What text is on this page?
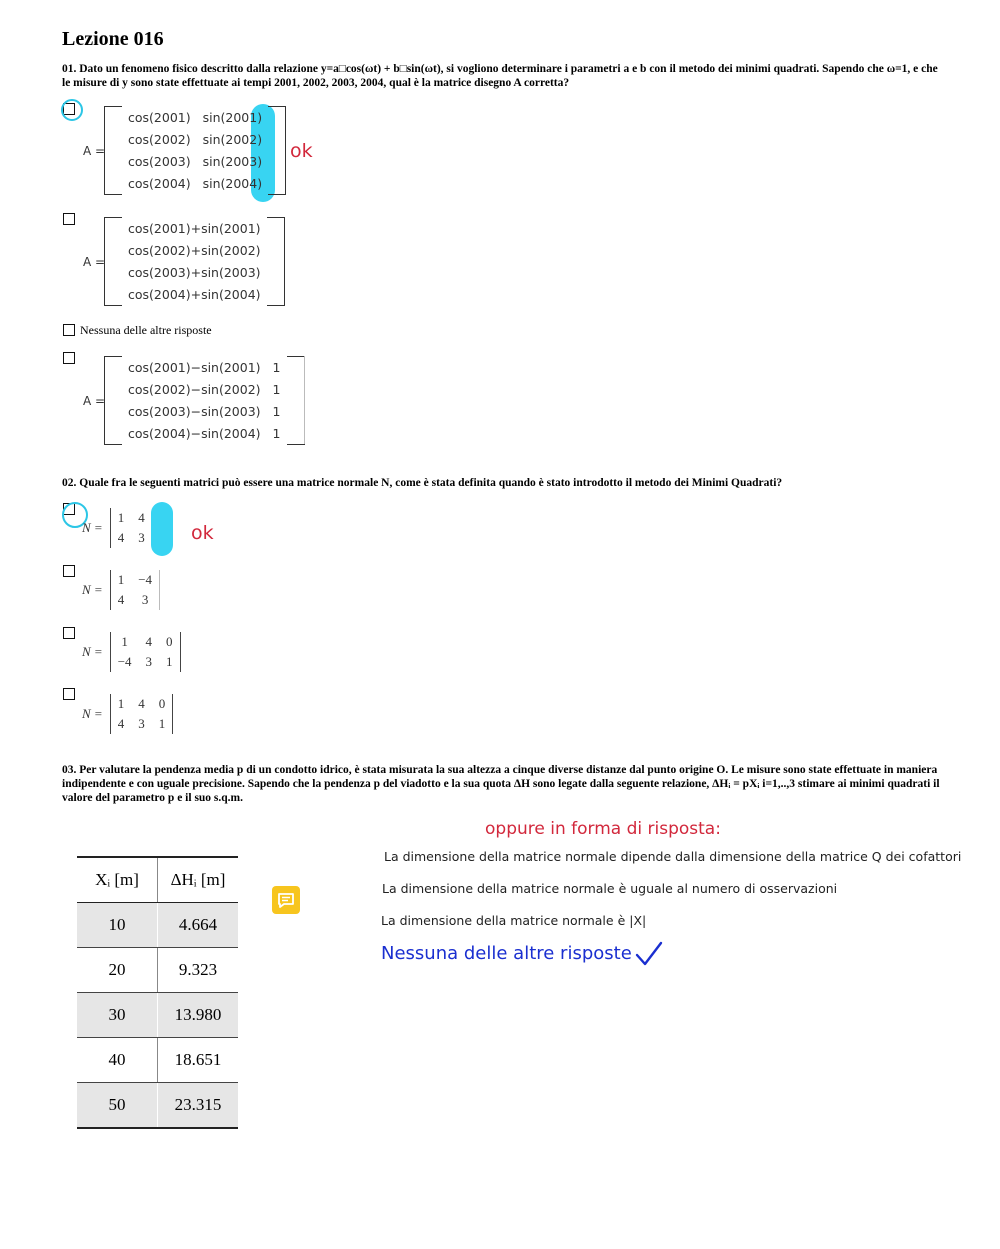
Lezione 016
01. Dato un fenomeno fisico descritto dalla relazione y=a□cos(ωt) + b□sin(ωt), si vogliono determinare i parametri a e b con il metodo dei minimi quadrati. Sapendo che ω=1, e che le misure di y sono state effettuate ai tempi 2001, 2002, 2003, 2004, qual è la matrice disegno A corretta?
A =
	cos(2001)	sin(2001)	
	cos(2002)	sin(2002)	
	cos(2003)	sin(2003)	
	cos(2004)	sin(2004)	
ok
A =
	cos(2001)+sin(2001)	
cos(2002)+sin(2002)
cos(2003)+sin(2003)
cos(2004)+sin(2004)
Nessuna delle altre risposte
A =
	cos(2001)−sin(2001)	1	
	cos(2002)−sin(2002)	1	
	cos(2003)−sin(2003)	1	
	cos(2004)−sin(2004)	1	
02. Quale fra le seguenti matrici può essere una matrice normale N, come è stata definita quando è stato introdotto il metodo dei Minimi Quadrati?
N =	1	4
	4	3 ok
N =	1	−4	
	4	3	
N =	1	4	0	
	−4	3	1	
N =	1	4	0	
	4	3	1	
03. Per valutare la pendenza media p di un condotto idrico, è stata misurata la sua altezza a cinque diverse distanze dal punto origine O. Le misure sono state effettuate in maniera indipendente e con uguale precisione. Sapendo che la pendenza p del viadotto e la sua quota ΔH sono legate dalla seguente relazione, ΔHᵢ = pXᵢ i=1,..,3 stimare ai minimi quadrati il valore del parametro p e il suo s.q.m.
Xᵢ [m]	ΔHᵢ [m]
10	4.664
20	9.323
30	13.980
40	18.651
50	23.315
oppure in forma di risposta:
La dimensione della matrice normale dipende dalla dimensione della matrice Q dei cofattori
La dimensione della matrice normale è uguale al numero di osservazioni
La dimensione della matrice normale è |X|
Nessuna delle altre risposte
